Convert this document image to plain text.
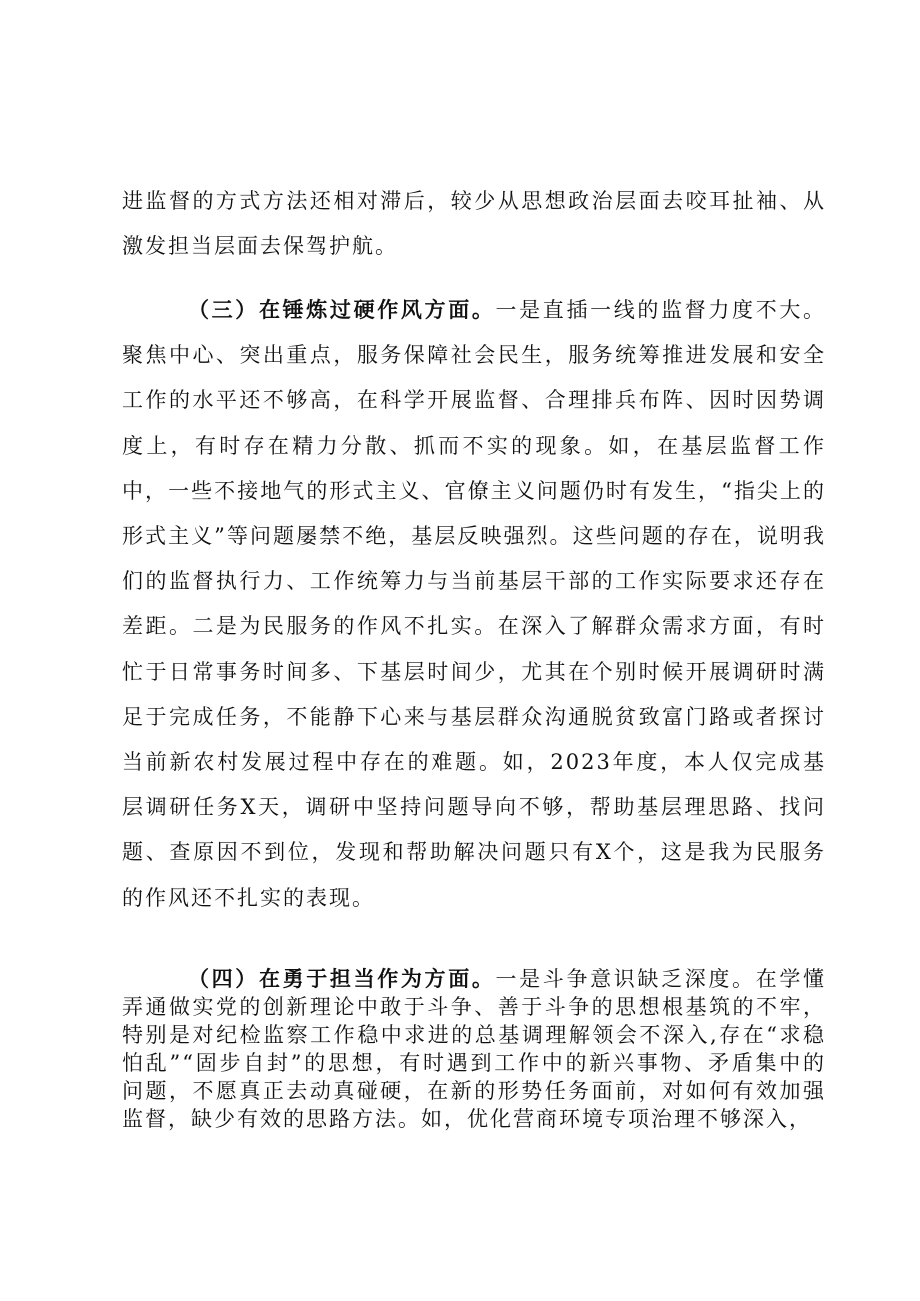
进监督的方式方法还相对滞后，较少从思想政治层面去咬耳扯袖、从激发担当层面去保驾护航。

（三）在锤炼过硬作风方面。一是直插一线的监督力度不大。聚焦中心、突出重点，服务保障社会民生，服务统筹推进发展和安全工作的水平还不够高，在科学开展监督、合理排兵布阵、因时因势调度上，有时存在精力分散、抓而不实的现象。如，在基层监督工作中，一些不接地气的形式主义、官僚主义问题仍时有发生，“指尖上的形式主义”等问题屡禁不绝，基层反映强烈。这些问题的存在，说明我们的监督执行力、工作统筹力与当前基层干部的工作实际要求还存在差距。二是为民服务的作风不扎实。在深入了解群众需求方面，有时忙于日常事务时间多、下基层时间少，尤其在个别时候开展调研时满足于完成任务，不能静下心来与基层群众沟通脱贫致富门路或者探讨当前新农村发展过程中存在的难题。如，2023年度，本人仅完成基层调研任务X天，调研中坚持问题导向不够，帮助基层理思路、找问题、查原因不到位，发现和帮助解决问题只有X个，这是我为民服务的作风还不扎实的表现。

（四）在勇于担当作为方面。一是斗争意识缺乏深度。在学懂弄通做实党的创新理论中敢于斗争、善于斗争的思想根基筑的不牢，特别是对纪检监察工作稳中求进的总基调理解领会不深入,存在“求稳怕乱”“固步自封”的思想，有时遇到工作中的新兴事物、矛盾集中的问题，不愿真正去动真碰硬，在新的形势任务面前，对如何有效加强监督，缺少有效的思路方法。如，优化营商环境专项治理不够深入，
